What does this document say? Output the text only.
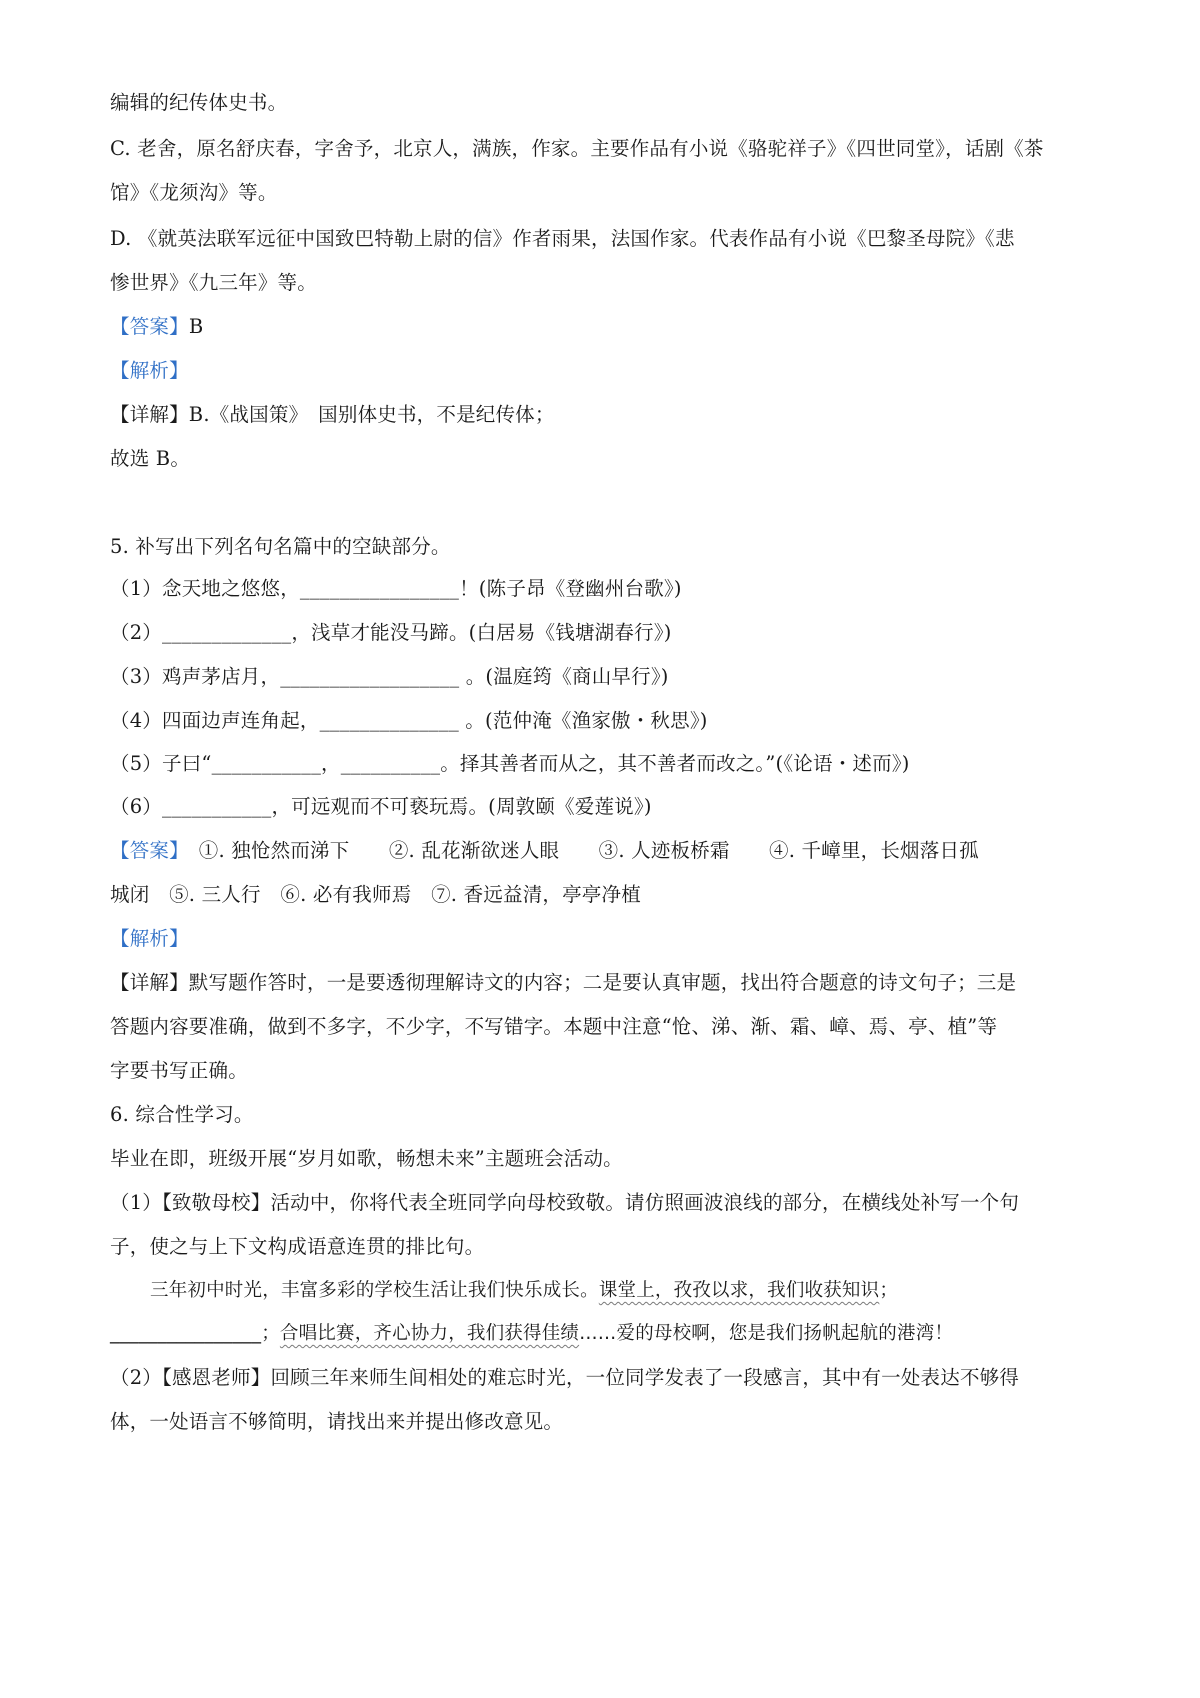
编辑的纪传体史书。
C. 老舍，原名舒庆春，字舍予，北京人，满族，作家。主要作品有小说《骆驼祥子》《四世同堂》，话剧《茶
馆》《龙须沟》等。
D. 《就英法联军远征中国致巴特勒上尉的信》作者雨果，法国作家。代表作品有小说《巴黎圣母院》《悲
惨世界》《九三年》等。
【答案】B
【解析】
【详解】B.《战国策》　国别体史书，不是纪传体；
故选 B。
5. 补写出下列名句名篇中的空缺部分。
（1）念天地之悠悠，________________！(陈子昂《登幽州台歌》)
（2）_____________，浅草才能没马蹄。(白居易《钱塘湖春行》)
（3）鸡声茅店月，__________________ 。(温庭筠《商山早行》)
（4）四面边声连角起，______________ 。(范仲淹《渔家傲・秋思》)
（5）子曰“___________，__________。择其善者而从之，其不善者而改之。”(《论语・述而》)
（6）___________，可远观而不可亵玩焉。(周敦颐《爱莲说》)
【答案】　①. 独怆然而涕下　　②. 乱花渐欲迷人眼　　③. 人迹板桥霜　　④. 千嶂里，长烟落日孤
城闭　⑤. 三人行　⑥. 必有我师焉　⑦. 香远益清，亭亭净植
【解析】
【详解】默写题作答时，一是要透彻理解诗文的内容；二是要认真审题，找出符合题意的诗文句子；三是
答题内容要准确，做到不多字，不少字，不写错字。本题中注意“怆、涕、渐、霜、嶂、焉、亭、植”等
字要书写正确。
6. 综合性学习。
毕业在即，班级开展“岁月如歌，畅想未来”主题班会活动。
（1）【致敬母校】活动中，你将代表全班同学向母校致敬。请仿照画波浪线的部分，在横线处补写一个句
子，使之与上下文构成语意连贯的排比句。
三年初中时光，丰富多彩的学校生活让我们快乐成长。课堂上，孜孜以求，我们收获知识；
________________；合唱比赛，齐心协力，我们获得佳绩……爱的母校啊，您是我们扬帆起航的港湾！
（2）【感恩老师】回顾三年来师生间相处的难忘时光，一位同学发表了一段感言，其中有一处表达不够得
体，一处语言不够简明，请找出来并提出修改意见。
